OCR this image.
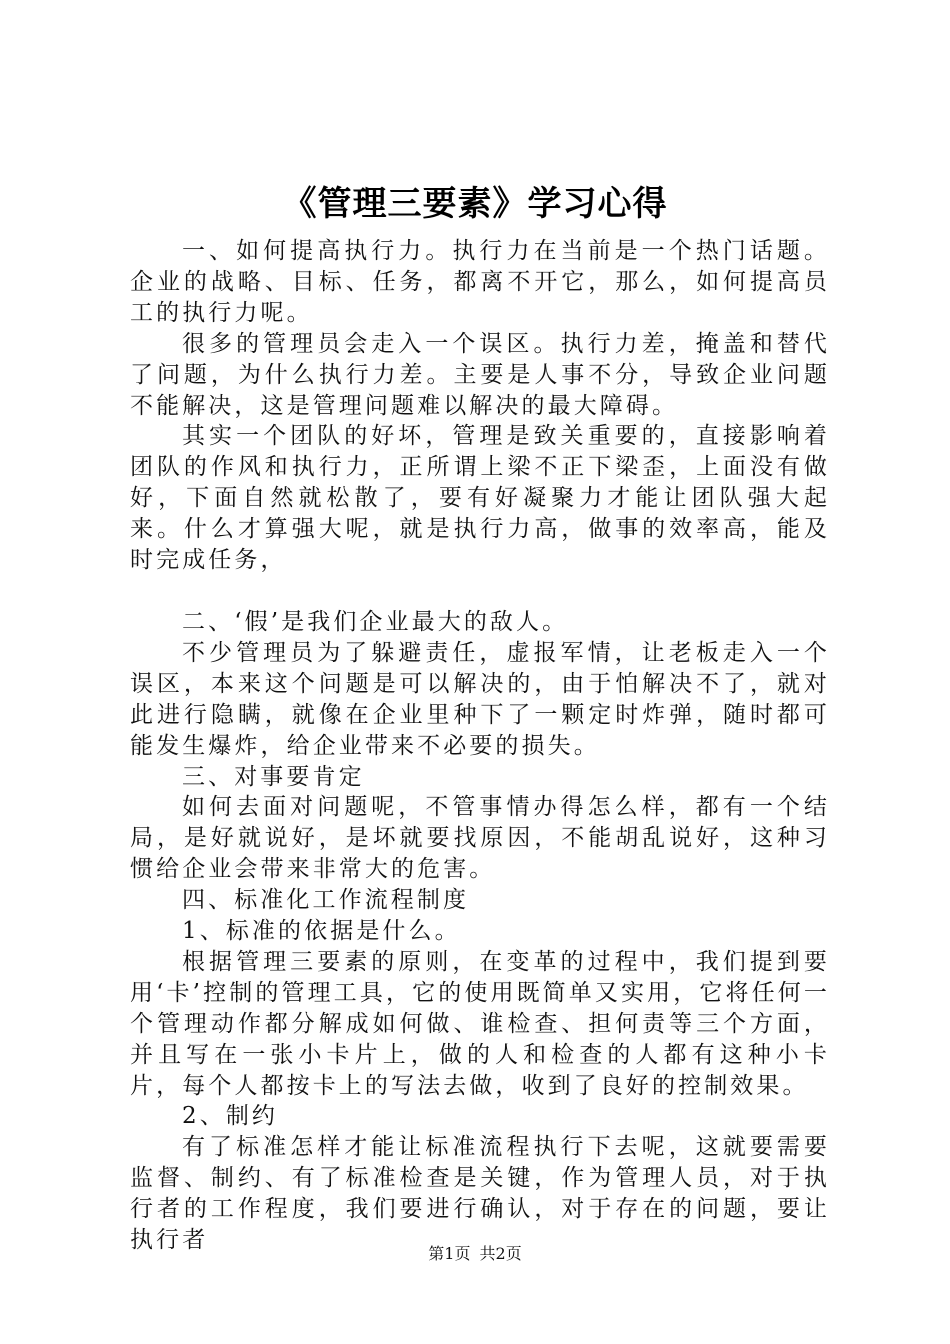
《管理三要素》学习心得

一、如何提高执行力。执行力在当前是一个热门话题。企业的战略、目标、任务，都离不开它，那么，如何提高员工的执行力呢。

很多的管理员会走入一个误区。执行力差，掩盖和替代了问题，为什么执行力差。主要是人事不分，导致企业问题不能解决，这是管理问题难以解决的最大障碍。

其实一个团队的好坏，管理是致关重要的，直接影响着团队的作风和执行力，正所谓上梁不正下梁歪，上面没有做好，下面自然就松散了，要有好凝聚力才能让团队强大起来。什么才算强大呢，就是执行力高，做事的效率高，能及时完成任务，

二、‘假’是我们企业最大的敌人。

不少管理员为了躲避责任，虚报军情，让老板走入一个误区，本来这个问题是可以解决的，由于怕解决不了，就对此进行隐瞒，就像在企业里种下了一颗定时炸弹，随时都可能发生爆炸，给企业带来不必要的损失。

三、对事要肯定

如何去面对问题呢，不管事情办得怎么样，都有一个结局，是好就说好，是坏就要找原因，不能胡乱说好，这种习惯给企业会带来非常大的危害。

四、标准化工作流程制度

1、标准的依据是什么。

根据管理三要素的原则，在变革的过程中，我们提到要用‘卡’控制的管理工具，它的使用既简单又实用，它将任何一个管理动作都分解成如何做、谁检查、担何责等三个方面，并且写在一张小卡片上，做的人和检查的人都有这种小卡片，每个人都按卡上的写法去做，收到了良好的控制效果。

2、制约

有了标准怎样才能让标准流程执行下去呢，这就要需要监督、制约、有了标准检查是关键，作为管理人员，对于执行者的工作程度，我们要进行确认，对于存在的问题，要让执行者

第1页 共2页
